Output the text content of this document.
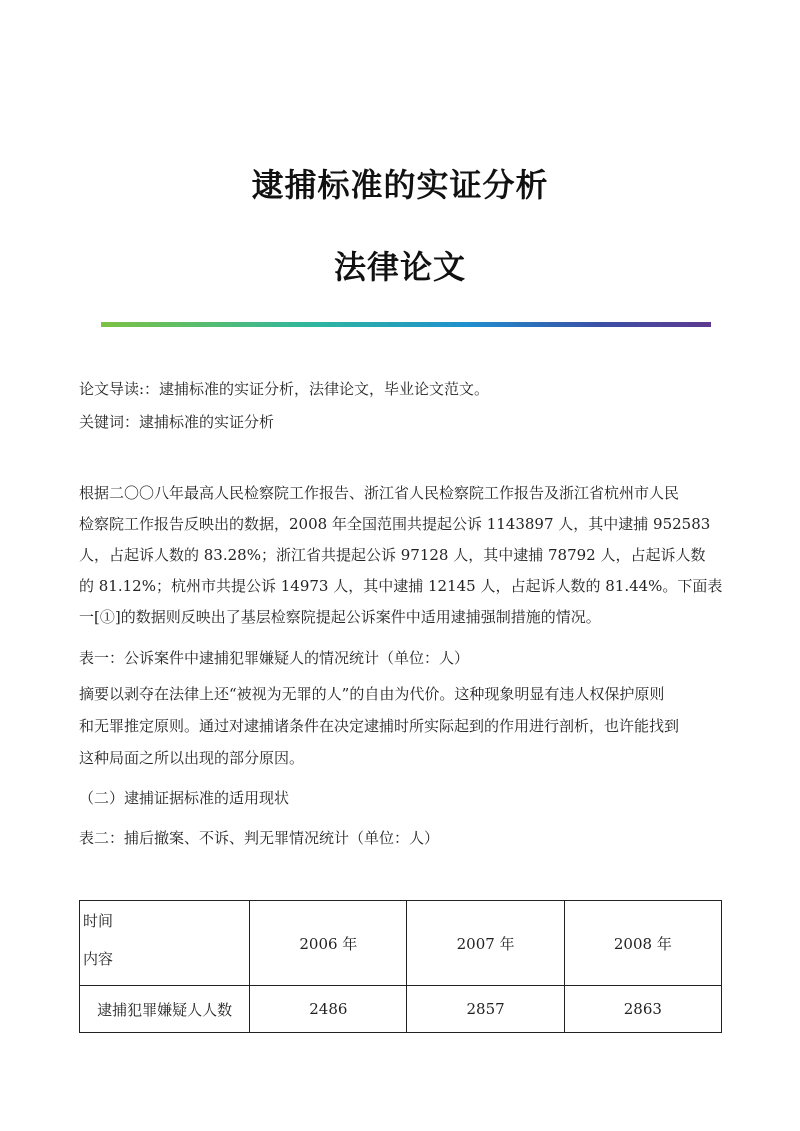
逮捕标准的实证分析
法律论文
论文导读:：逮捕标准的实证分析，法律论文，毕业论文范文。
关键词：逮捕标准的实证分析
根据二〇〇八年最高人民检察院工作报告、浙江省人民检察院工作报告及浙江省杭州市人民
检察院工作报告反映出的数据，2008 年全国范围共提起公诉 1143897 人，其中逮捕 952583
人，占起诉人数的 83.28%；浙江省共提起公诉 97128 人，其中逮捕 78792 人，占起诉人数
的 81.12%；杭州市共提公诉 14973 人，其中逮捕 12145 人，占起诉人数的 81.44%。下面表
一[①]的数据则反映出了基层检察院提起公诉案件中适用逮捕强制措施的情况。
表一：公诉案件中逮捕犯罪嫌疑人的情况统计（单位：人）
摘要以剥夺在法律上还“被视为无罪的人”的自由为代价。这种现象明显有违人权保护原则
和无罪推定原则。通过对逮捕诸条件在决定逮捕时所实际起到的作用进行剖析，也许能找到
这种局面之所以出现的部分原因。
（二）逮捕证据标准的适用现状
表二：捕后撤案、不诉、判无罪情况统计（单位：人）
时间
内容	2006 年	2007 年	2008 年
逮捕犯罪嫌疑人人数	2486	2857	2863
